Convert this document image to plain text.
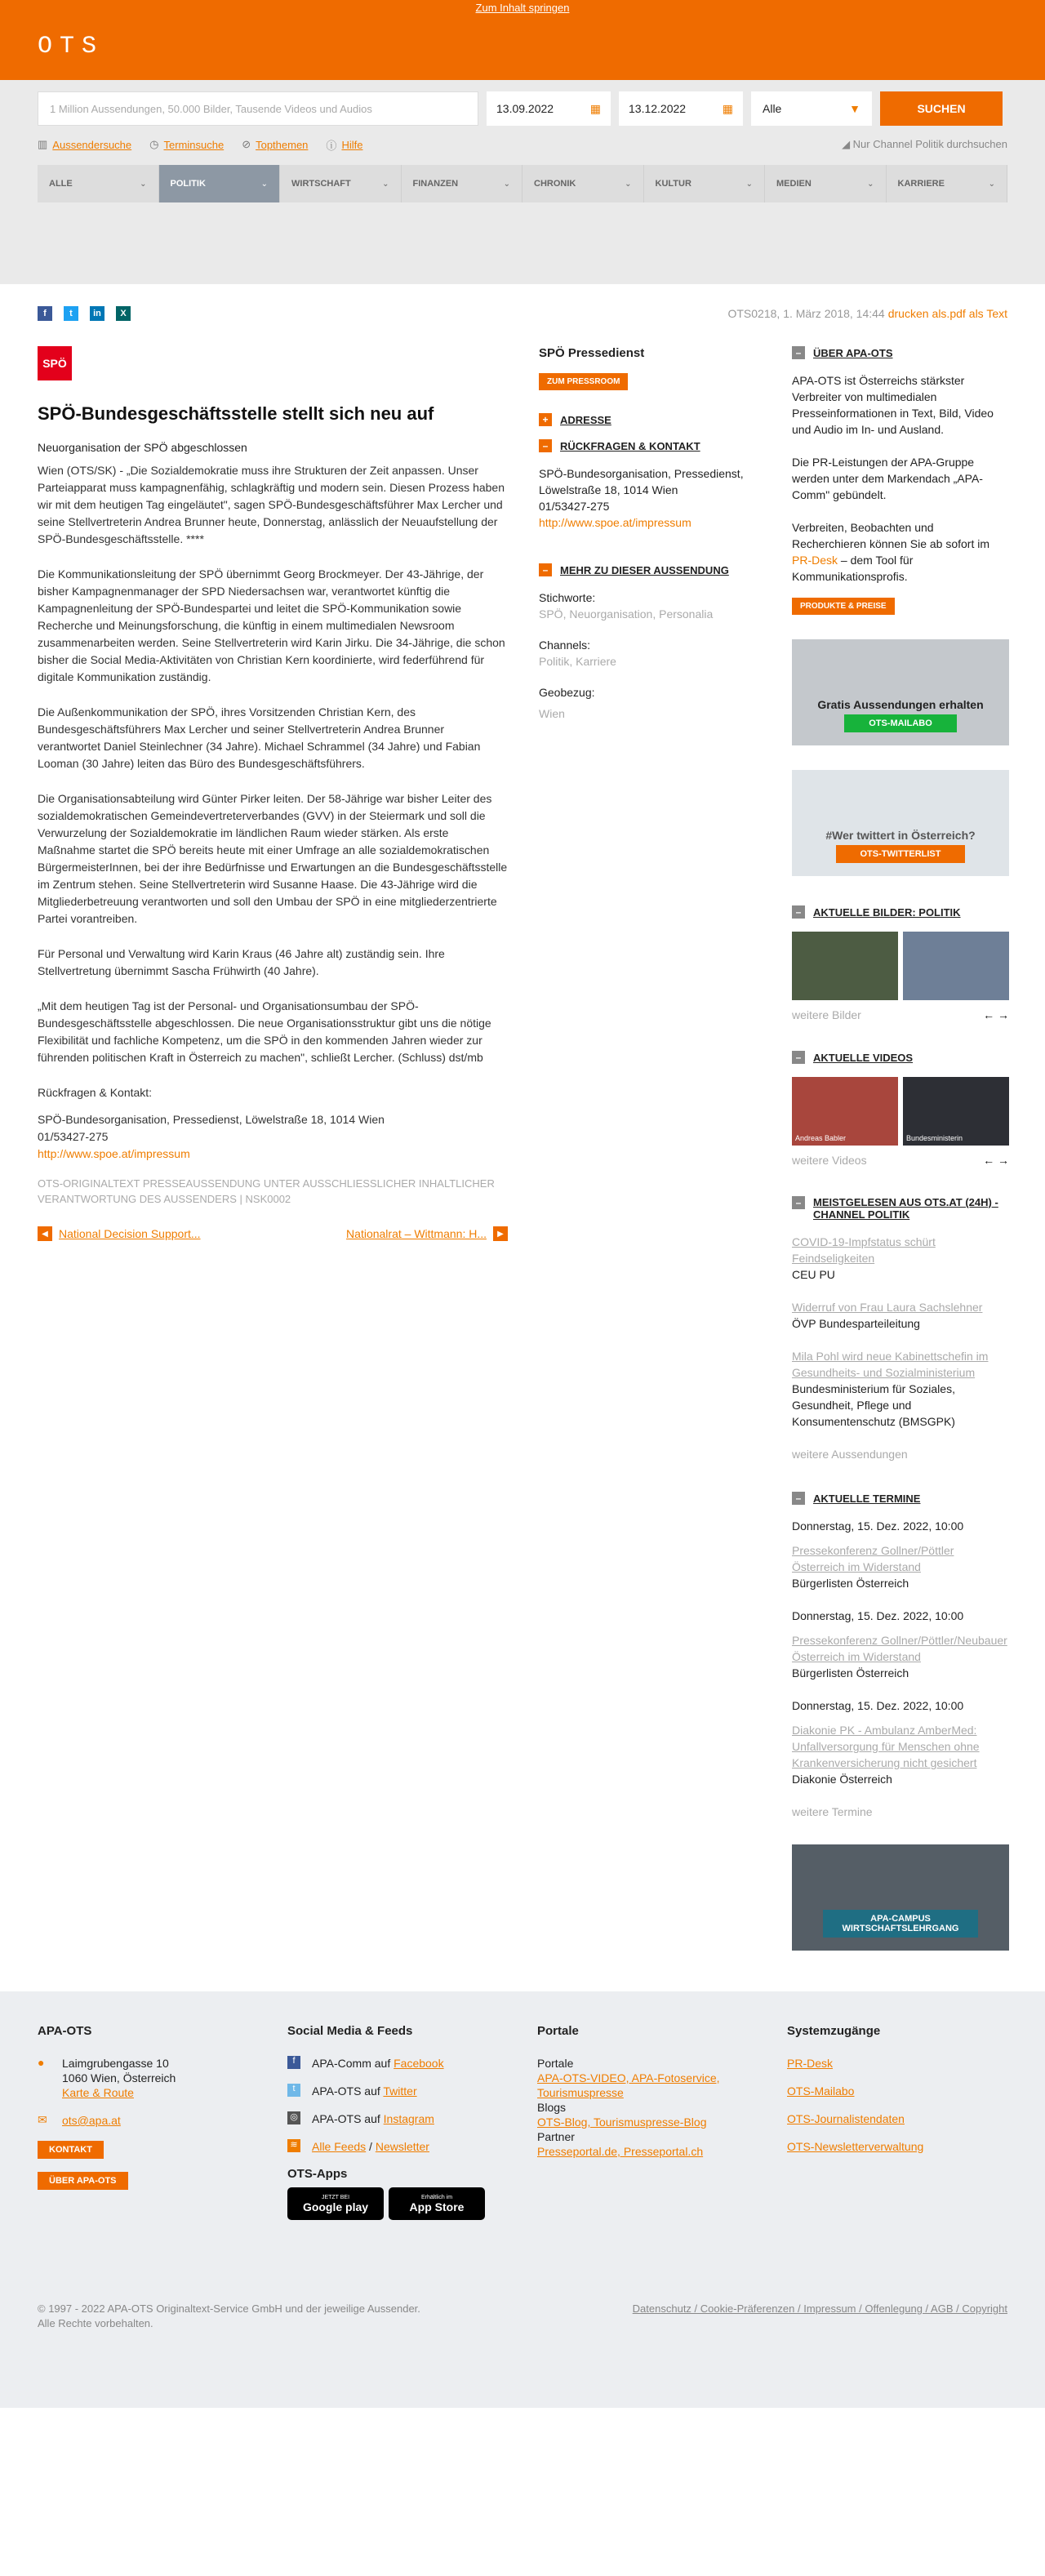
Zum Inhalt springen
OTS
1 Million Aussendungen, 50.000 Bilder, Tausende Videos und Audios	13.09.2022	▦ 13.12.2022	▦	Alle	▼	SUCHEN
▥ Aussendersuche ◷ Terminsuche ⊘ Topthemen ⓘ Hilfe	◢ Nur Channel Politik durchsuchen
ALLE	⌄	POLITIK	⌄	WIRTSCHAFT	⌄	FINANZEN	⌄	CHRONIK	⌄	KULTUR	⌄	MEDIEN	⌄	KARRIERE	⌄
f	t	in	X	OTS0218, 1. März 2018, 14:44 drucken als.pdf als Text
SPÖ
SPÖ-Bundesgeschäftsstelle stellt sich neu auf
Neuorganisation der SPÖ abgeschlossen
Wien (OTS/SK) - „Die Sozialdemokratie muss ihre Strukturen der Zeit anpassen. Unser Parteiapparat muss kampagnenfähig, schlagkräftig und modern sein. Diesen Prozess haben wir mit dem heutigen Tag eingeläutet", sagen SPÖ-Bundesgeschäftsführer Max Lercher und seine Stellvertreterin Andrea Brunner heute, Donnerstag, anlässlich der Neuaufstellung der SPÖ-Bundesgeschäftsstelle. ****
Die Kommunikationsleitung der SPÖ übernimmt Georg Brockmeyer. Der 43-Jährige, der bisher Kampagnenmanager der SPD Niedersachsen war, verantwortet künftig die Kampagnenleitung der SPÖ-Bundespartei und leitet die SPÖ-Kommunikation sowie Recherche und Meinungsforschung, die künftig in einem multimedialen Newsroom zusammenarbeiten werden. Seine Stellvertreterin wird Karin Jirku. Die 34-Jährige, die schon bisher die Social Media-Aktivitäten von Christian Kern koordinierte, wird federführend für digitale Kommunikation zuständig.
Die Außenkommunikation der SPÖ, ihres Vorsitzenden Christian Kern, des Bundesgeschäftsführers Max Lercher und seiner Stellvertreterin Andrea Brunner verantwortet Daniel Steinlechner (34 Jahre). Michael Schrammel (34 Jahre) und Fabian Looman (30 Jahre) leiten das Büro des Bundesgeschäftsführers.
Die Organisationsabteilung wird Günter Pirker leiten. Der 58-Jährige war bisher Leiter des sozialdemokratischen Gemeindevertreterverbandes (GVV) in der Steiermark und soll die Verwurzelung der Sozialdemokratie im ländlichen Raum wieder stärken. Als erste Maßnahme startet die SPÖ bereits heute mit einer Umfrage an alle sozialdemokratischen BürgermeisterInnen, bei der ihre Bedürfnisse und Erwartungen an die Bundesgeschäftsstelle im Zentrum stehen. Seine Stellvertreterin wird Susanne Haase. Die 43-Jährige wird die Mitgliederbetreuung verantworten und soll den Umbau der SPÖ in eine mitgliederzentrierte Partei vorantreiben.
Für Personal und Verwaltung wird Karin Kraus (46 Jahre alt) zuständig sein. Ihre Stellvertretung übernimmt Sascha Frühwirth (40 Jahre).
„Mit dem heutigen Tag ist der Personal- und Organisationsumbau der SPÖ-Bundesgeschäftsstelle abgeschlossen. Die neue Organisationsstruktur gibt uns die nötige Flexibilität und fachliche Kompetenz, um die SPÖ in den kommenden Jahren wieder zur führenden politischen Kraft in Österreich zu machen", schließt Lercher. (Schluss) dst/mb
Rückfragen & Kontakt:
SPÖ-Bundesorganisation, Pressedienst, Löwelstraße 18, 1014 Wien
01/53427-275
http://www.spoe.at/impressum
OTS-ORIGINALTEXT PRESSEAUSSENDUNG UNTER AUSSCHLIESSLICHER INHALTLICHER VERANTWORTUNG DES AUSSENDERS | NSK0002
◀ National Decision Support...	Nationalrat – Wittmann: H...	▶
SPÖ Pressedienst
ZUM PRESSROOM
+	ADRESSE
–	RÜCKFRAGEN & KONTAKT
SPÖ-Bundesorganisation, Pressedienst, Löwelstraße 18, 1014 Wien
01/53427-275
http://www.spoe.at/impressum
–	MEHR ZU DIESER AUSSENDUNG
Stichworte:
SPÖ, Neuorganisation, Personalia
Channels:
Politik, Karriere
Geobezug:
Wien
–	ÜBER APA-OTS
APA-OTS ist Österreichs stärkster Verbreiter von multimedialen Presseinformationen in Text, Bild, Video und Audio im In- und Ausland.
Die PR-Leistungen der APA-Gruppe werden unter dem Markendach „APA-Comm" gebündelt.
Verbreiten, Beobachten und Recherchieren können Sie ab sofort im PR-Desk – dem Tool für Kommunikationsprofis.
PRODUKTE & PREISE
Gratis Aussendungen erhalten
OTS-MAILABO
#Wer twittert in Österreich?
OTS-TWITTERLIST
–	AKTUELLE BILDER: POLITIK
weitere Bilder	← →
–	AKTUELLE VIDEOS
Andreas Babler	Bundesministerin
weitere Videos	← →
–	MEISTGELESEN AUS OTS.AT (24H) -
CHANNEL POLITIK
COVID-19-Impfstatus schürt Feindseligkeiten
CEU PU
Widerruf von Frau Laura Sachslehner
ÖVP Bundesparteileitung
Mila Pohl wird neue Kabinettschefin im Gesundheits- und Sozialministerium
Bundesministerium für Soziales, Gesundheit, Pflege und Konsumentenschutz (BMSGPK)
weitere Aussendungen
–	AKTUELLE TERMINE
Donnerstag, 15. Dez. 2022, 10:00
Pressekonferenz Gollner/Pöttler Österreich im Widerstand
Bürgerlisten Österreich
Donnerstag, 15. Dez. 2022, 10:00
Pressekonferenz Gollner/Pöttler/Neubauer Österreich im Widerstand
Bürgerlisten Österreich
Donnerstag, 15. Dez. 2022, 10:00
Diakonie PK - Ambulanz AmberMed: Unfallversorgung für Menschen ohne Krankenversicherung nicht gesichert
Diakonie Österreich
weitere Termine
APA-CAMPUS WIRTSCHAFTSLEHRGANG
APA-OTS
●	Laimgrubengasse 10
1060 Wien, Österreich
Karte & Route
✉	ots@apa.at
KONTAKT
ÜBER APA-OTS
Social Media & Feeds
f	APA-Comm auf Facebook
t	APA-OTS auf Twitter
◎ APA-OTS auf Instagram
≋ Alle Feeds / Newsletter
OTS-Apps
JETZT BEI
Google play
Erhältlich im
App Store
Portale
Portale
APA-OTS-VIDEO, APA-Fotoservice, Tourismuspresse
Blogs
OTS-Blog, Tourismuspresse-Blog
Partner
Presseportal.de, Presseportal.ch
Systemzugänge
PR-Desk
OTS-Mailabo
OTS-Journalistendaten
OTS-Newsletterverwaltung
© 1997 - 2022 APA-OTS Originaltext-Service GmbH und der jeweilige Aussender.
Alle Rechte vorbehalten.
Datenschutz / Cookie-Präferenzen / Impressum / Offenlegung / AGB / Copyright
